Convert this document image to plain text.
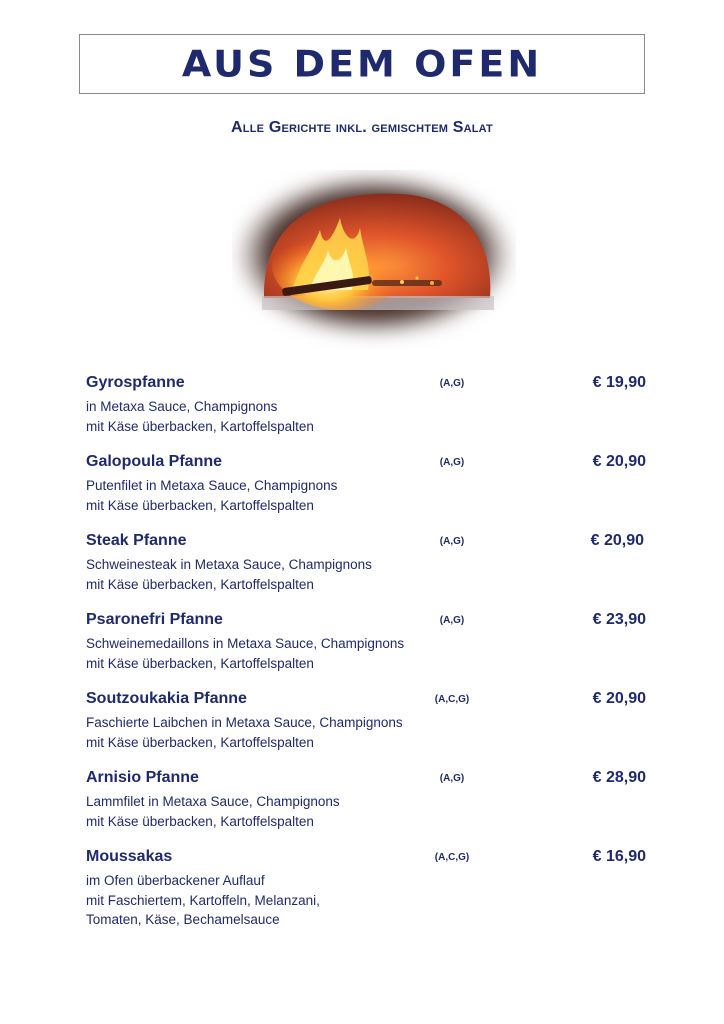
AUS DEM OFEN
Alle Gerichte inkl. gemischtem Salat
Gyrospfanne	(A,G)	€ 19,90
in Metaxa Sauce, Champignons
mit Käse überbacken, Kartoffelspalten
Galopoula Pfanne	(A,G)	€ 20,90
Putenfilet in Metaxa Sauce, Champignons
mit Käse überbacken, Kartoffelspalten
Steak Pfanne	(A,G)	€ 20,90
Schweinesteak in Metaxa Sauce, Champignons
mit Käse überbacken, Kartoffelspalten
Psaronefri Pfanne	(A,G)	€ 23,90
Schweinemedaillons in Metaxa Sauce, Champignons
mit Käse überbacken, Kartoffelspalten
Soutzoukakia Pfanne	(A,C,G)	€ 20,90
Faschierte Laibchen in Metaxa Sauce, Champignons
mit Käse überbacken, Kartoffelspalten
Arnisio Pfanne	(A,G)	€ 28,90
Lammfilet in Metaxa Sauce, Champignons
mit Käse überbacken, Kartoffelspalten
Moussakas	(A,C,G)	€ 16,90
im Ofen überbackener Auflauf
mit Faschiertem, Kartoffeln, Melanzani,
Tomaten, Käse, Bechamelsauce
